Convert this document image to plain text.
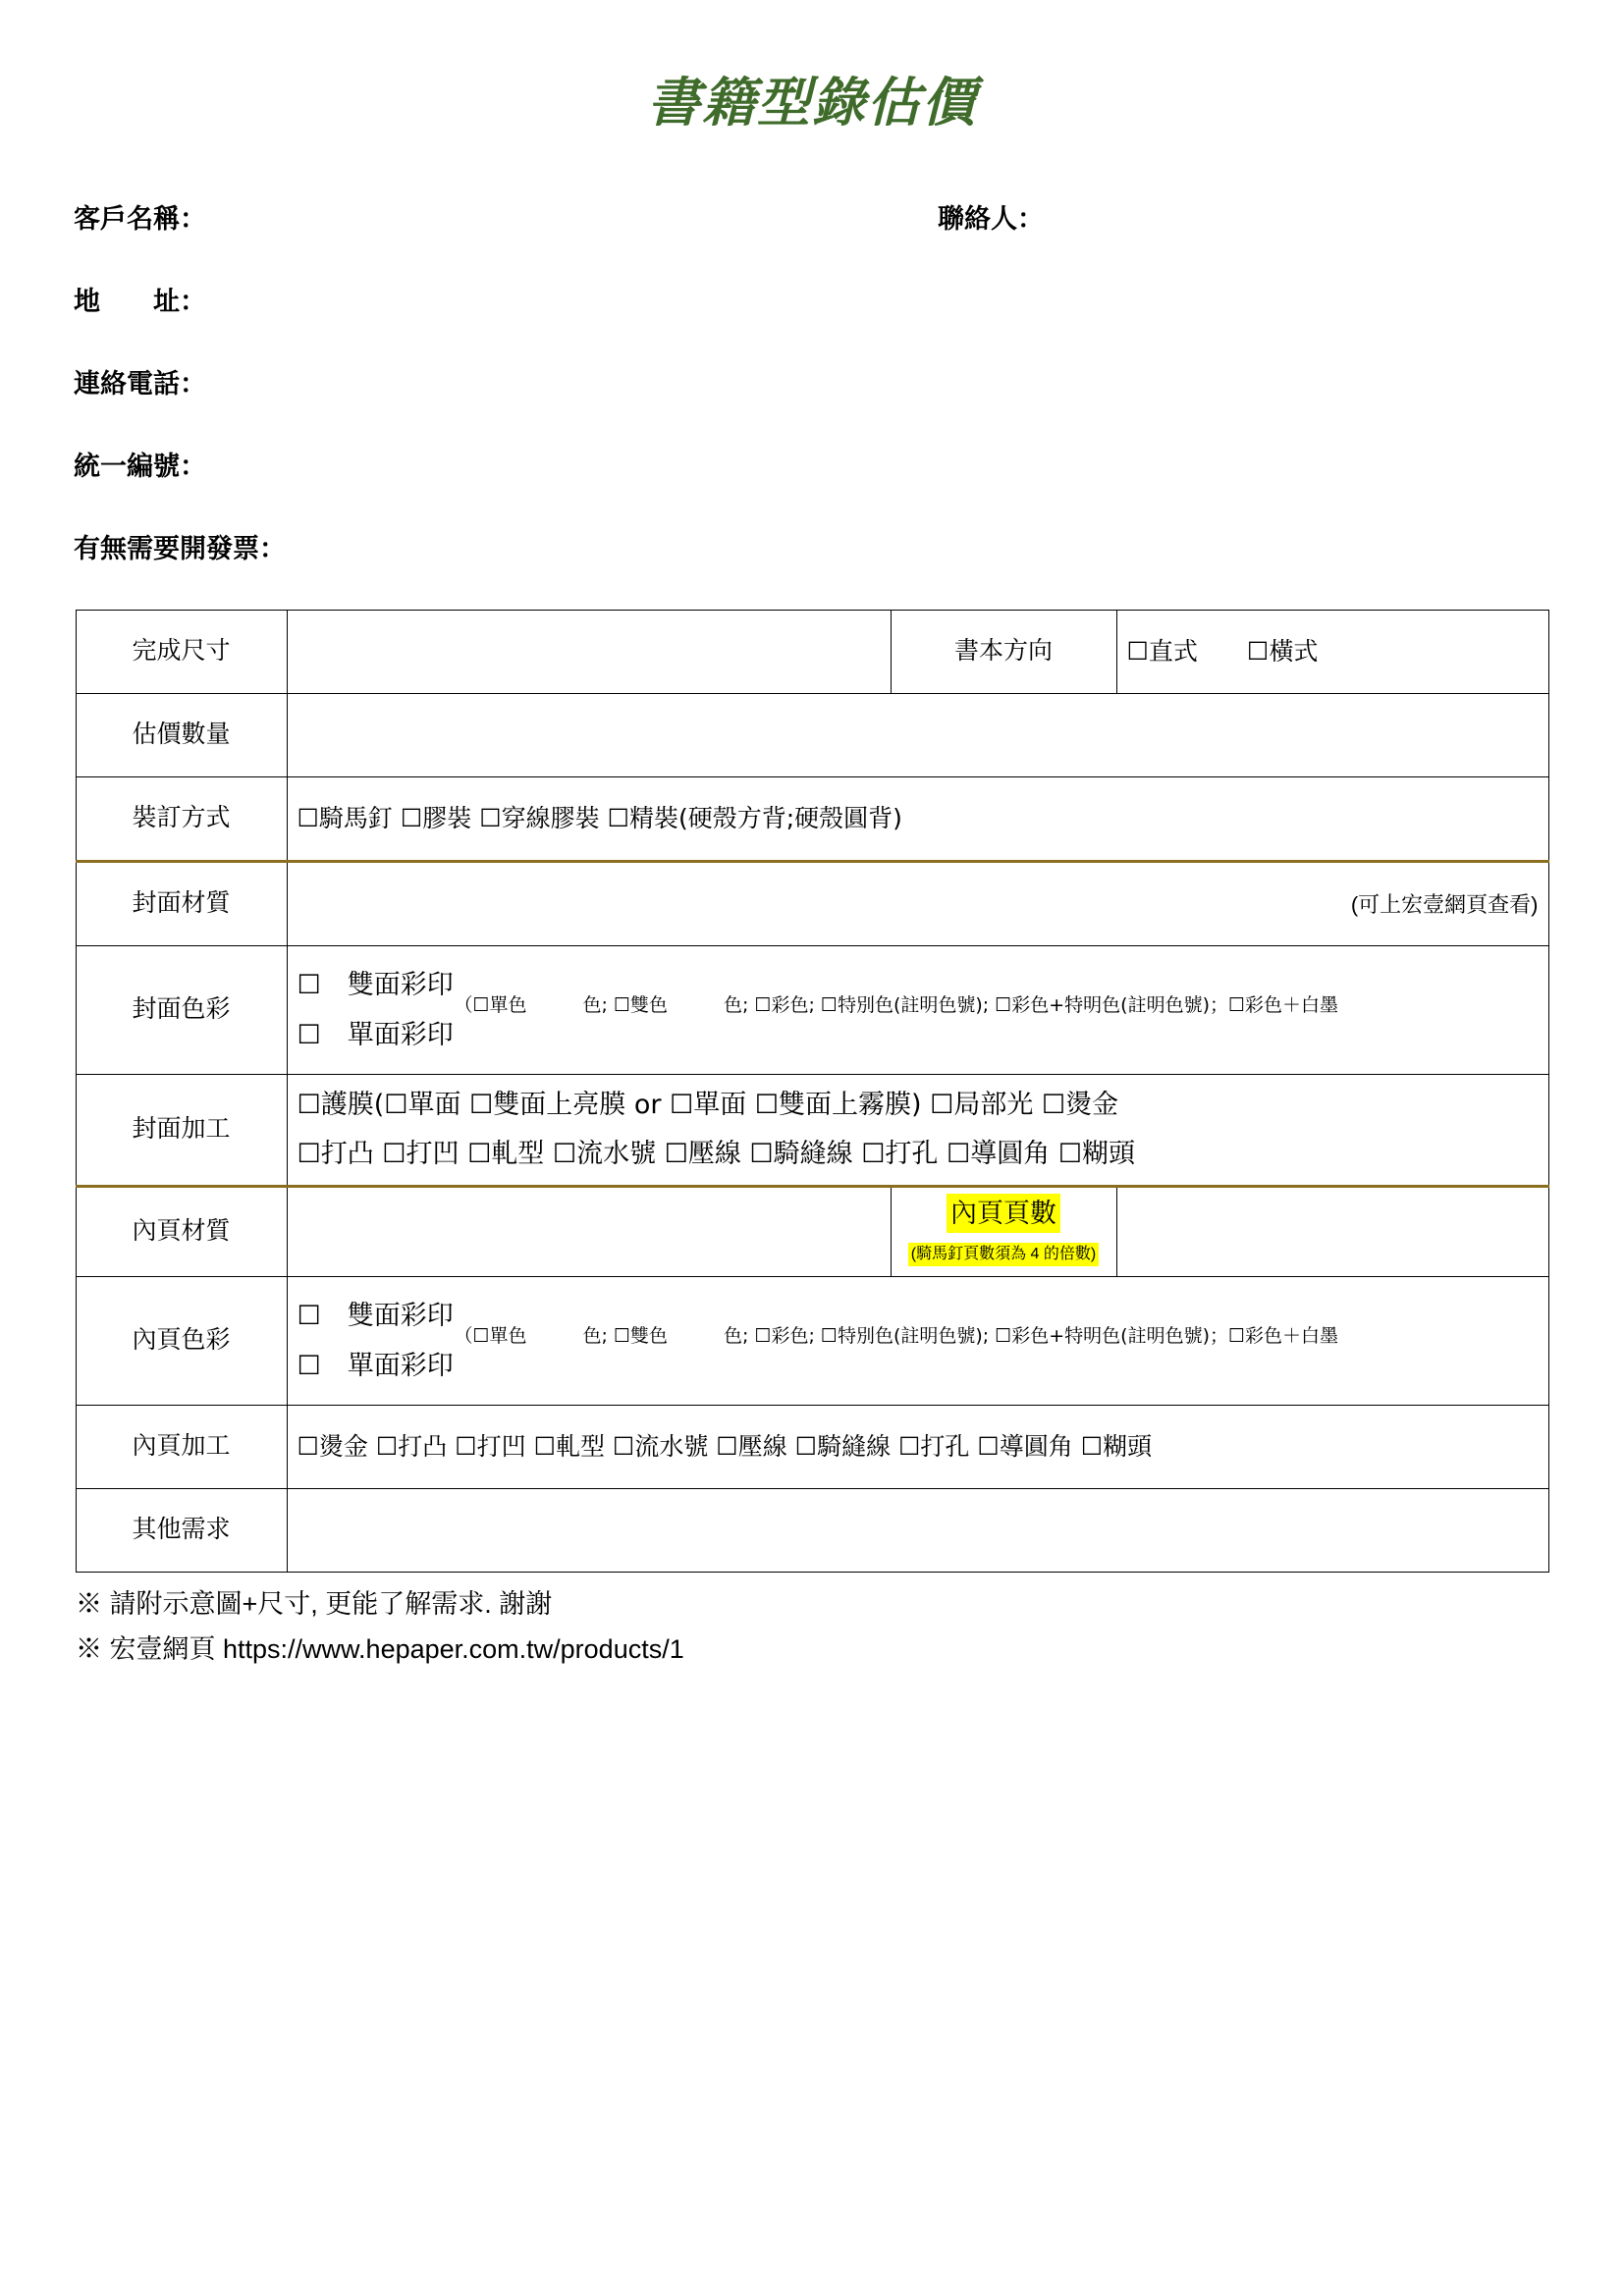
書籍型錄估價
客戶名稱：	聯絡人：
地　　址：
連絡電話：
統一編號：
有無需要開發票：
完成尺寸		書本方向	☐直式　　☐橫式
估價數量			
裝訂方式	☐騎馬釘 ☐膠裝 ☐穿線膠裝 ☐精裝(硬殼方背;硬殼圓背)		
封面材質	(可上宏壹網頁查看)		

封面色彩	☐　雙面彩印
☐　單面彩印
（☐單色　　　色; ☐雙色　　　色; ☐彩色; ☐特別色(註明色號); ☐彩色+特明色(註明色號)；☐彩色＋白墨		

封面加工	☐護膜(☐單面 ☐雙面上亮膜 or ☐單面 ☐雙面上霧膜) ☐局部光 ☐燙金
☐打凸 ☐打凹 ☐軋型 ☐流水號 ☐壓線 ☐騎縫線 ☐打孔 ☐導圓角 ☐糊頭		

內頁材質		內頁頁數
(騎馬釘頁數須為 4 的倍數)	
內頁色彩	☐　雙面彩印
☐　單面彩印
（☐單色　　　色; ☐雙色　　　色; ☐彩色; ☐特別色(註明色號); ☐彩色+特明色(註明色號)；☐彩色＋白墨		

內頁加工	☐燙金 ☐打凸 ☐打凹 ☐軋型 ☐流水號 ☐壓線 ☐騎縫線 ☐打孔 ☐導圓角 ☐糊頭		
其他需求			
※ 請附示意圖+尺寸, 更能了解需求. 謝謝
※ 宏壹網頁 https://www.hepaper.com.tw/products/1
